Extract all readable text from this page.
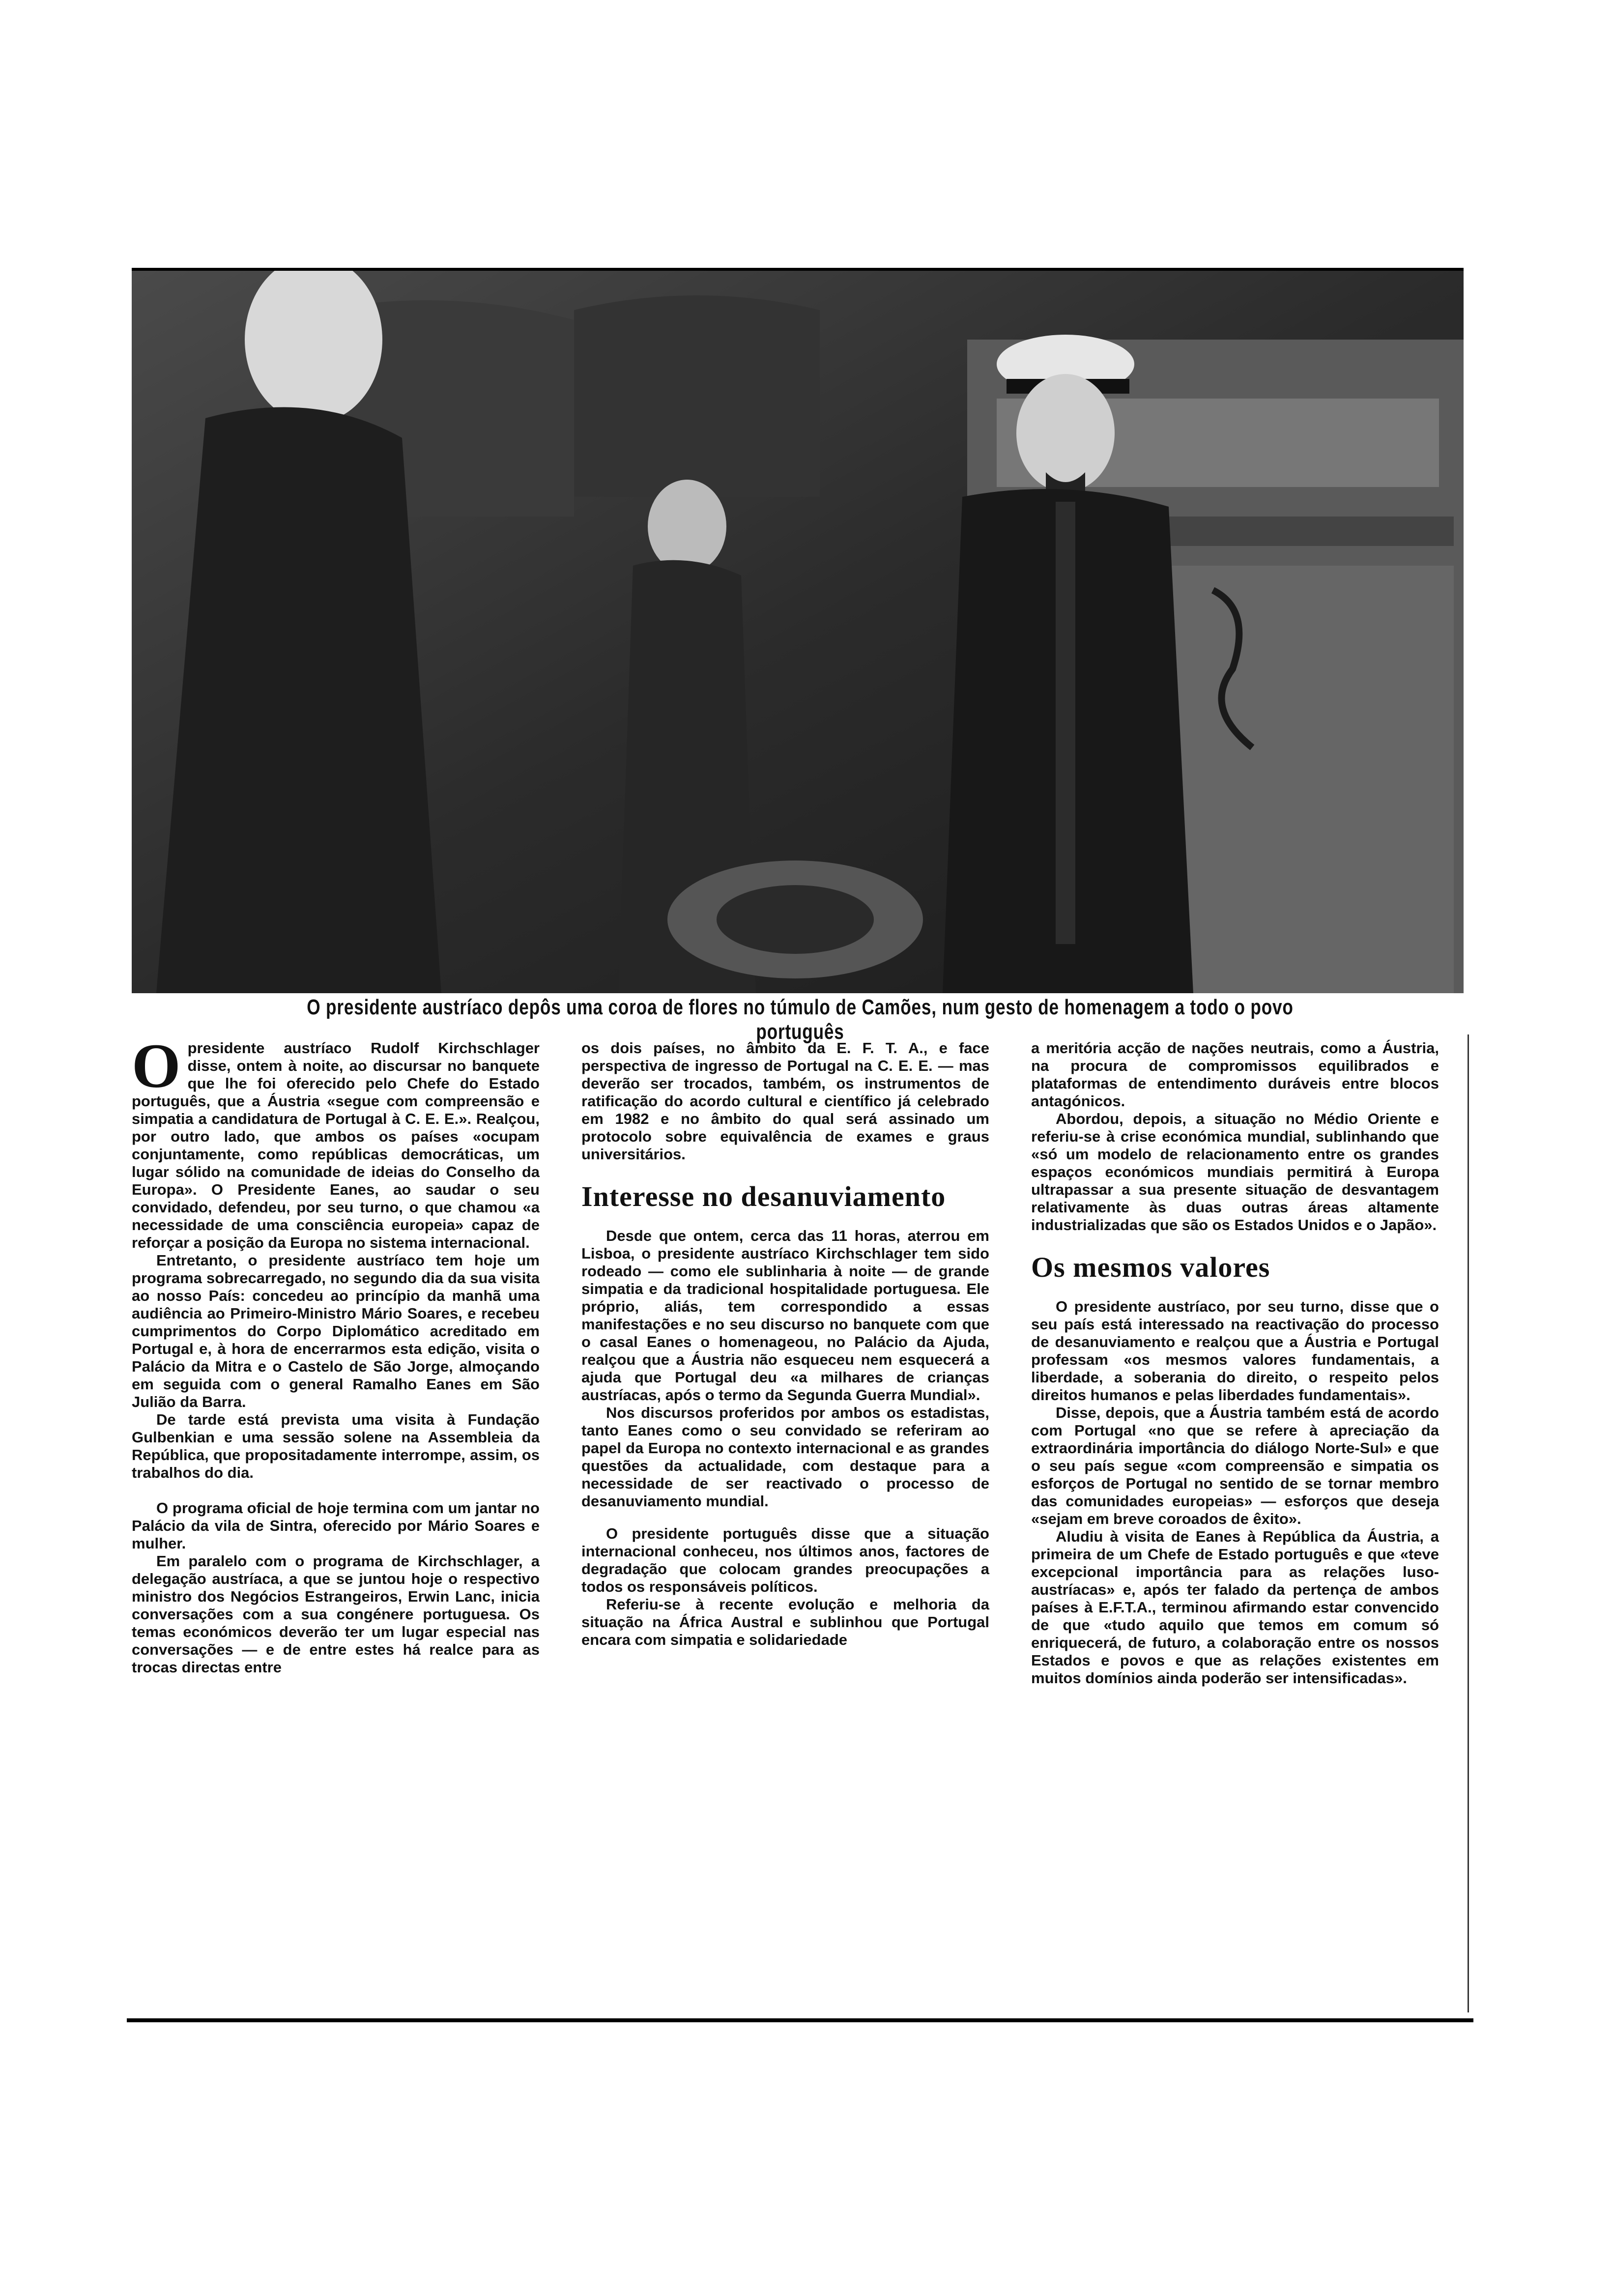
O presidente austríaco depôs uma coroa de flores no túmulo de Camões, num gesto de homenagem a todo o povo português
O presidente austríaco Rudolf Kirchschlager disse, ontem à noite, ao discursar no banquete que lhe foi oferecido pelo Chefe do Estado português, que a Áustria «segue com compreensão e simpatia a candidatura de Portugal à C. E. E.». Realçou, por outro lado, que ambos os países «ocupam conjuntamente, como repúblicas democráticas, um lugar sólido na comunidade de ideias do Conselho da Europa». O Presidente Eanes, ao saudar o seu convidado, defendeu, por seu turno, o que chamou «a necessidade de uma consciência europeia» capaz de reforçar a posição da Europa no sistema internacional.

Entretanto, o presidente austríaco tem hoje um programa sobrecarregado, no segundo dia da sua visita ao nosso País: concedeu ao princípio da manhã uma audiência ao Primeiro-Ministro Mário Soares, e recebeu cumprimentos do Corpo Diplomático acreditado em Portugal e, à hora de encerrarmos esta edição, visita o Palácio da Mitra e o Castelo de São Jorge, almoçando em seguida com o general Ramalho Eanes em São Julião da Barra.

De tarde está prevista uma visita à Fundação Gulbenkian e uma sessão solene na Assembleia da República, que propositadamente interrompe, assim, os trabalhos do dia.

O programa oficial de hoje termina com um jantar no Palácio da vila de Sintra, oferecido por Mário Soares e mulher.

Em paralelo com o programa de Kirchschlager, a delegação austríaca, a que se juntou hoje o respectivo ministro dos Negócios Estrangeiros, Erwin Lanc, inicia conversações com a sua congénere portuguesa. Os temas económicos deverão ter um lugar especial nas conversações — e de entre estes há realce para as trocas directas entre

os dois países, no âmbito da E. F. T. A., e face perspectiva de ingresso de Portugal na C. E. E. — mas deverão ser trocados, também, os instrumentos de ratificação do acordo cultural e científico já celebrado em 1982 e no âmbito do qual será assinado um protocolo sobre equivalência de exames e graus universitários.

Interesse no desanuviamento

Desde que ontem, cerca das 11 horas, aterrou em Lisboa, o presidente austríaco Kirchschlager tem sido rodeado — como ele sublinharia à noite — de grande simpatia e da tradicional hospitalidade portuguesa. Ele próprio, aliás, tem correspondido a essas manifestações e no seu discurso no banquete com que o casal Eanes o homenageou, no Palácio da Ajuda, realçou que a Áustria não esqueceu nem esquecerá a ajuda que Portugal deu «a milhares de crianças austríacas, após o termo da Segunda Guerra Mundial».

Nos discursos proferidos por ambos os estadistas, tanto Eanes como o seu convidado se referiram ao papel da Europa no contexto internacional e as grandes questões da actualidade, com destaque para a necessidade de ser reactivado o processo de desanuviamento mundial.

O presidente português disse que a situação internacional conheceu, nos últimos anos, factores de degradação que colocam grandes preocupações a todos os responsáveis políticos.

Referiu-se à recente evolução e melhoria da situação na África Austral e sublinhou que Portugal encara com simpatia e solidariedade

a meritória acção de nações neutrais, como a Áustria, na procura de compromissos equilibrados e plataformas de entendimento duráveis entre blocos antagónicos.

Abordou, depois, a situação no Médio Oriente e referiu-se à crise económica mundial, sublinhando que «só um modelo de relacionamento entre os grandes espaços económicos mundiais permitirá à Europa ultrapassar a sua presente situação de desvantagem relativamente às duas outras áreas altamente industrializadas que são os Estados Unidos e o Japão».

Os mesmos valores

O presidente austríaco, por seu turno, disse que o seu país está interessado na reactivação do processo de desanuviamento e realçou que a Áustria e Portugal professam «os mesmos valores fundamentais, a liberdade, a soberania do direito, o respeito pelos direitos humanos e pelas liberdades fundamentais».

Disse, depois, que a Áustria também está de acordo com Portugal «no que se refere à apreciação da extraordinária importância do diálogo Norte-Sul» e que o seu país segue «com compreensão e simpatia os esforços de Portugal no sentido de se tornar membro das comunidades europeias» — esforços que deseja «sejam em breve coroados de êxito».

Aludiu à visita de Eanes à República da Áustria, a primeira de um Chefe de Estado português e que «teve excepcional importância para as relações luso-austríacas» e, após ter falado da pertença de ambos países à E.F.T.A., terminou afirmando estar convencido de que «tudo aquilo que temos em comum só enriquecerá, de futuro, a colaboração entre os nossos Estados e povos e que as relações existentes em muitos domínios ainda poderão ser intensificadas».
